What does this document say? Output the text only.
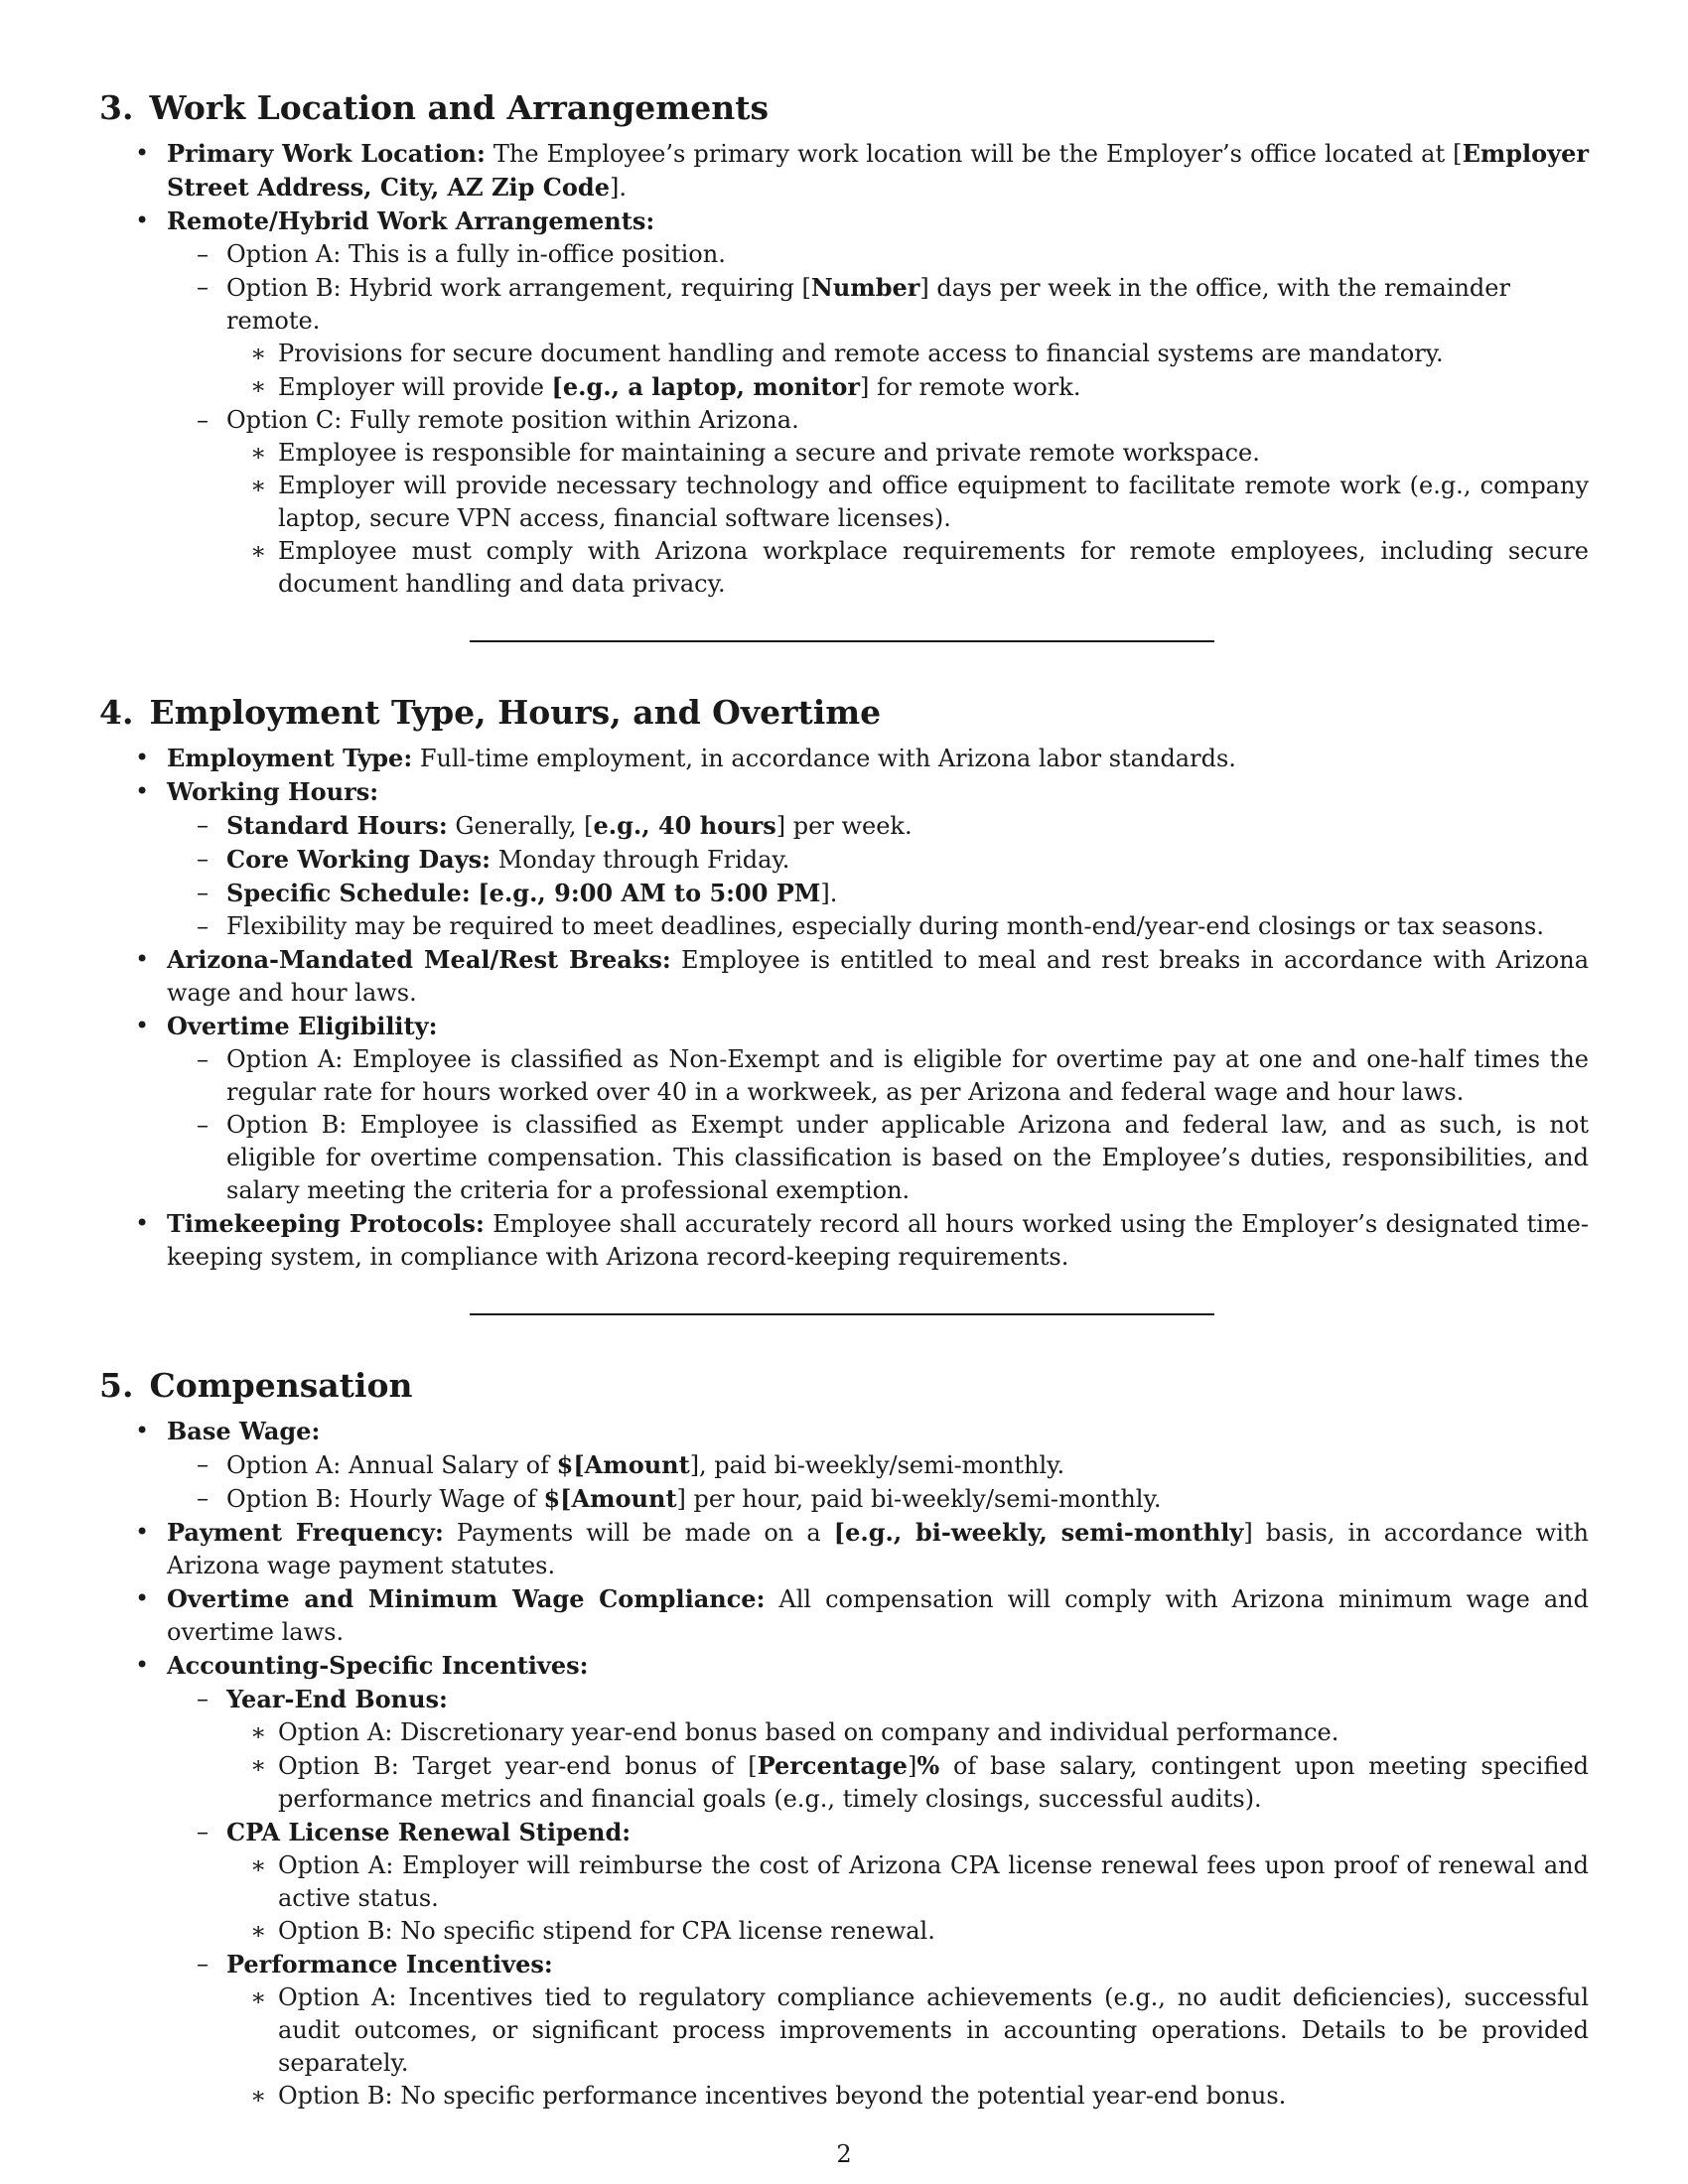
3. Work Location and Arrangements
• Primary Work Location: The Employee’s primary work location will be the Employer’s office located at [Employer Street Address, City, AZ Zip Code].
• Remote/Hybrid Work Arrangements:
– Option A: This is a fully in-office position.
– Option B: Hybrid work arrangement, requiring [Number] days per week in the office, with the remainder remote.
∗ Provisions for secure document handling and remote access to financial systems are mandatory.
∗ Employer will provide [e.g., a laptop, monitor] for remote work.
– Option C: Fully remote position within Arizona.
∗ Employee is responsible for maintaining a secure and private remote workspace.
∗ Employer will provide necessary technology and office equipment to facilitate remote work (e.g., company laptop, secure VPN access, financial software licenses).
∗ Employee must comply with Arizona workplace requirements for remote employees, including secure document handling and data privacy.
4. Employment Type, Hours, and Overtime
• Employment Type: Full-time employment, in accordance with Arizona labor standards.
• Working Hours:
– Standard Hours: Generally, [e.g., 40 hours] per week.
– Core Working Days: Monday through Friday.
– Specific Schedule: [e.g., 9:00 AM to 5:00 PM].
– Flexibility may be required to meet deadlines, especially during month-end/year-end closings or tax seasons.
• Arizona-Mandated Meal/Rest Breaks: Employee is entitled to meal and rest breaks in accordance with Arizona wage and hour laws.
• Overtime Eligibility:
– Option A: Employee is classified as Non-Exempt and is eligible for overtime pay at one and one-half times the regular rate for hours worked over 40 in a workweek, as per Arizona and federal wage and hour laws.
– Option B: Employee is classified as Exempt under applicable Arizona and federal law, and as such, is not eligible for overtime compensation. This classification is based on the Employee’s duties, responsibilities, and salary meeting the criteria for a professional exemption.
• Timekeeping Protocols: Employee shall accurately record all hours worked using the Employer’s designated time-keeping system, in compliance with Arizona record-keeping requirements.
5. Compensation
• Base Wage:
– Option A: Annual Salary of $[Amount], paid bi-weekly/semi-monthly.
– Option B: Hourly Wage of $[Amount] per hour, paid bi-weekly/semi-monthly.
• Payment Frequency: Payments will be made on a [e.g., bi-weekly, semi-monthly] basis, in accordance with Arizona wage payment statutes.
• Overtime and Minimum Wage Compliance: All compensation will comply with Arizona minimum wage and overtime laws.
• Accounting-Specific Incentives:
– Year-End Bonus:
∗ Option A: Discretionary year-end bonus based on company and individual performance.
∗ Option B: Target year-end bonus of [Percentage]% of base salary, contingent upon meeting specified performance metrics and financial goals (e.g., timely closings, successful audits).
– CPA License Renewal Stipend:
∗ Option A: Employer will reimburse the cost of Arizona CPA license renewal fees upon proof of renewal and active status.
∗ Option B: No specific stipend for CPA license renewal.
– Performance Incentives:
∗ Option A: Incentives tied to regulatory compliance achievements (e.g., no audit deficiencies), successful audit outcomes, or significant process improvements in accounting operations. Details to be provided separately.
∗ Option B: No specific performance incentives beyond the potential year-end bonus.
2
